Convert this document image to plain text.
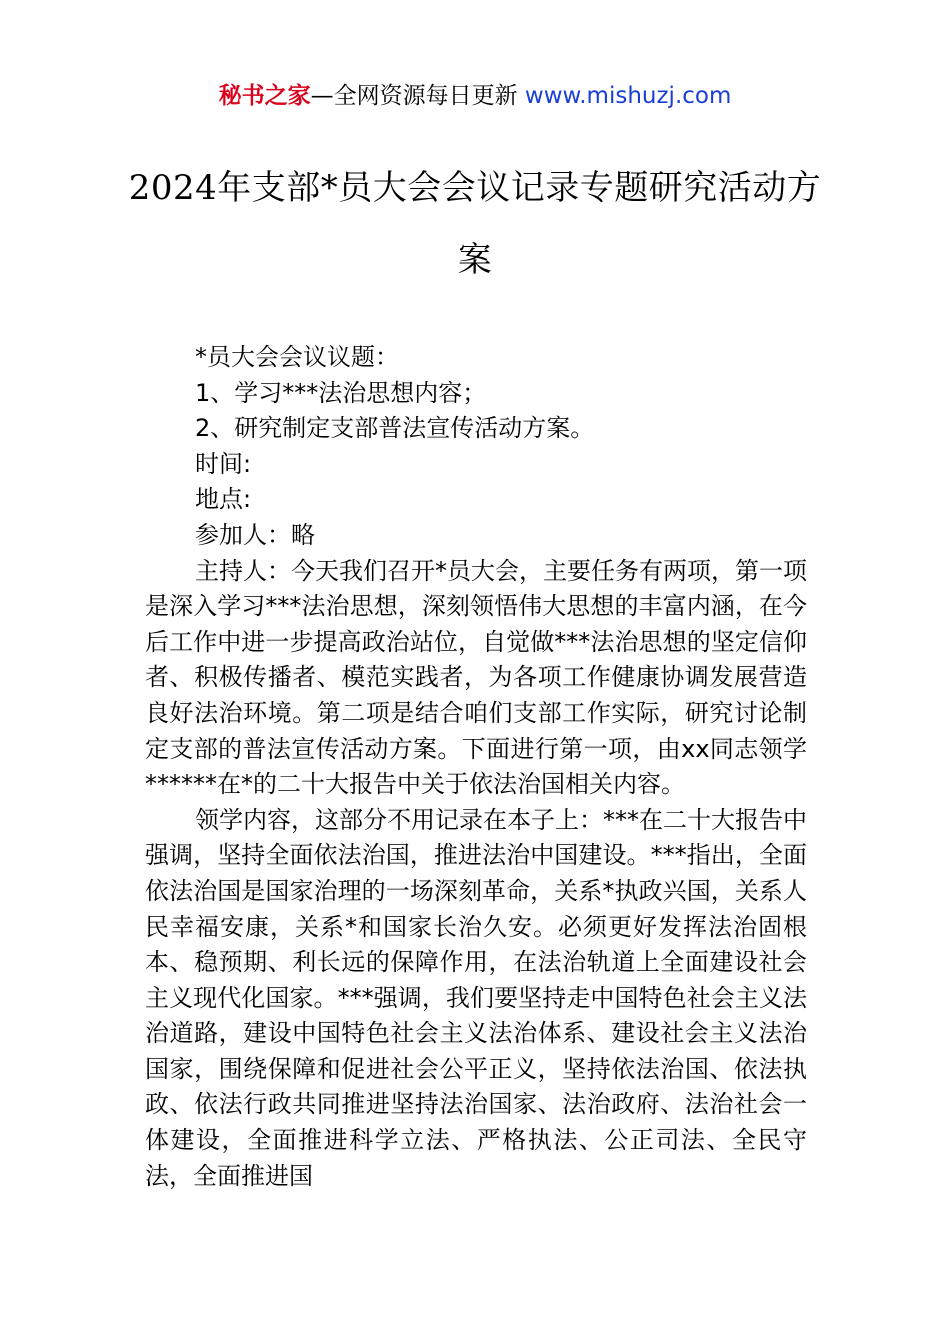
秘书之家—全网资源每日更新 www.mishuzj.com
2024年支部*员大会会议记录专题研究活动方案

*员大会会议议题：

1、学习***法治思想内容；

2、研究制定支部普法宣传活动方案。

时间:

地点:

参加人：略

主持人：今天我们召开*员大会，主要任务有两项，第一项是深入学习***法治思想，深刻领悟伟大思想的丰富内涵，在今后工作中进一步提高政治站位，自觉做***法治思想的坚定信仰者、积极传播者、模范实践者，为各项工作健康协调发展营造良好法治环境。第二项是结合咱们支部工作实际，研究讨论制定支部的普法宣传活动方案。下面进行第一项，由xx同志领学******在*的二十大报告中关于依法治国相关内容。

领学内容，这部分不用记录在本子上：***在二十大报告中强调，坚持全面依法治国，推进法治中国建设。***指出，全面依法治国是国家治理的一场深刻革命，关系*执政兴国，关系人民幸福安康，关系*和国家长治久安。必须更好发挥法治固根本、稳预期、利长远的保障作用，在法治轨道上全面建设社会主义现代化国家。***强调，我们要坚持走中国特色社会主义法治道路，建设中国特色社会主义法治体系、建设社会主义法治国家，围绕保障和促进社会公平正义，坚持依法治国、依法执政、依法行政共同推进坚持法治国家、法治政府、法治社会一体建设，全面推进科学立法、严格执法、公正司法、全民守法，全面推进国
